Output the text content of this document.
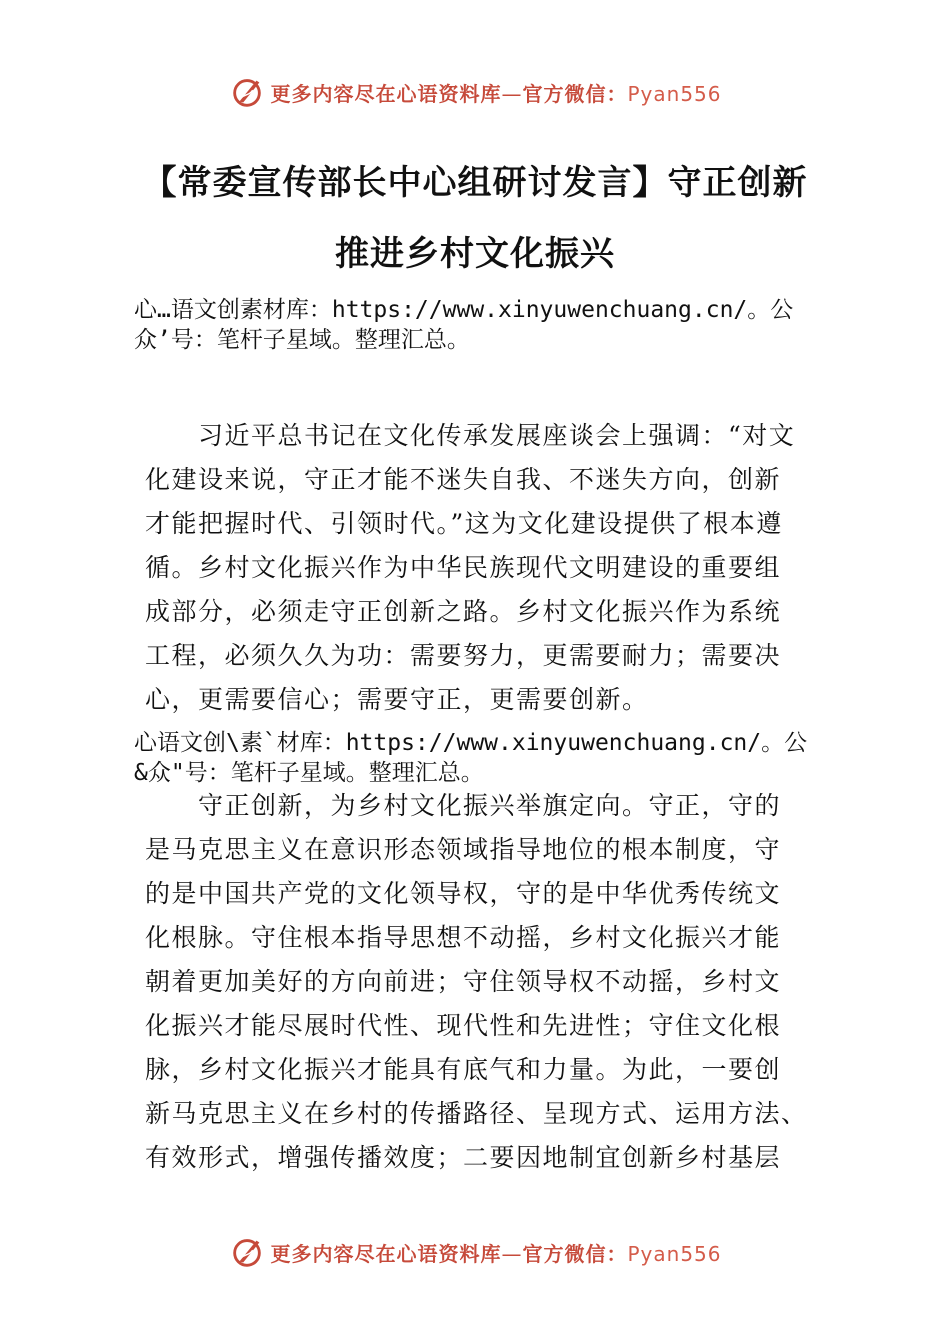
更多内容尽在心语资料库—官方微信：Pyan556
【常委宣传部长中心组研讨发言】守正创新
推进乡村文化振兴
心…语文创素材库：https://www.xinyuwenchuang.cn/。公
众’号：笔杆子星域。整理汇总。
　　习近平总书记在文化传承发展座谈会上强调：“对文
化建设来说，守正才能不迷失自我、不迷失方向，创新
才能把握时代、引领时代。”这为文化建设提供了根本遵
循。乡村文化振兴作为中华民族现代文明建设的重要组
成部分，必须走守正创新之路。乡村文化振兴作为系统
工程，必须久久为功：需要努力，更需要耐力；需要决
心，更需要信心；需要守正，更需要创新。
心语文创\素`材库：https://www.xinyuwenchuang.cn/。公
&众"号：笔杆子星域。整理汇总。
　　守正创新，为乡村文化振兴举旗定向。守正，守的
是马克思主义在意识形态领域指导地位的根本制度，守
的是中国共产党的文化领导权，守的是中华优秀传统文
化根脉。守住根本指导思想不动摇，乡村文化振兴才能
朝着更加美好的方向前进；守住领导权不动摇，乡村文
化振兴才能尽展时代性、现代性和先进性；守住文化根
脉，乡村文化振兴才能具有底气和力量。为此，一要创
新马克思主义在乡村的传播路径、呈现方式、运用方法、
有效形式，增强传播效度；二要因地制宜创新乡村基层
更多内容尽在心语资料库—官方微信：Pyan556
